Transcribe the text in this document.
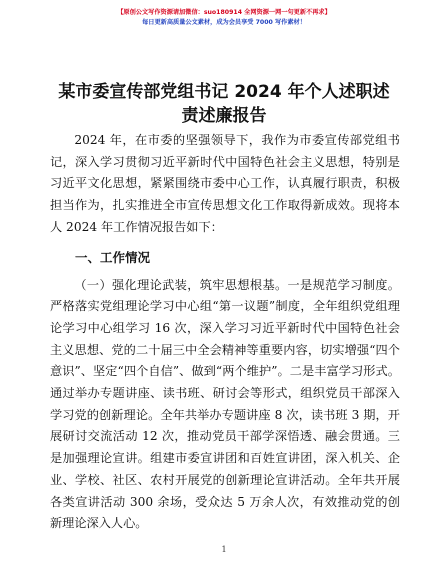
【原创公文写作资源请加微信：suo180914 全网资源一网一句更新不再求】
每日更新高质量公文素材，成为会员享受 7000 写作素材！
某市委宣传部党组书记 2024 年个人述职述责述廉报告

2024 年，在市委的坚强领导下，我作为市委宣传部党组书记，深入学习贯彻习近平新时代中国特色社会主义思想，特别是习近平文化思想，紧紧围绕市委中心工作，认真履行职责，积极担当作为，扎实推进全市宣传思想文化工作取得新成效。现将本人 2024 年工作情况报告如下：

一、工作情况

（一）强化理论武装，筑牢思想根基。一是规范学习制度。严格落实党组理论学习中心组“第一议题”制度，全年组织党组理论学习中心组学习 16 次，深入学习习近平新时代中国特色社会主义思想、党的二十届三中全会精神等重要内容，切实增强“四个意识”、坚定“四个自信”、做到“两个维护”。二是丰富学习形式。通过举办专题讲座、读书班、研讨会等形式，组织党员干部深入学习党的创新理论。全年共举办专题讲座 8 次，读书班 3 期，开展研讨交流活动 12 次，推动党员干部学深悟透、融会贯通。三是加强理论宣讲。组建市委宣讲团和百姓宣讲团，深入机关、企业、学校、社区、农村开展党的创新理论宣讲活动。全年共开展各类宣讲活动 300 余场，受众达 5 万余人次，有效推动党的创新理论深入人心。

1
